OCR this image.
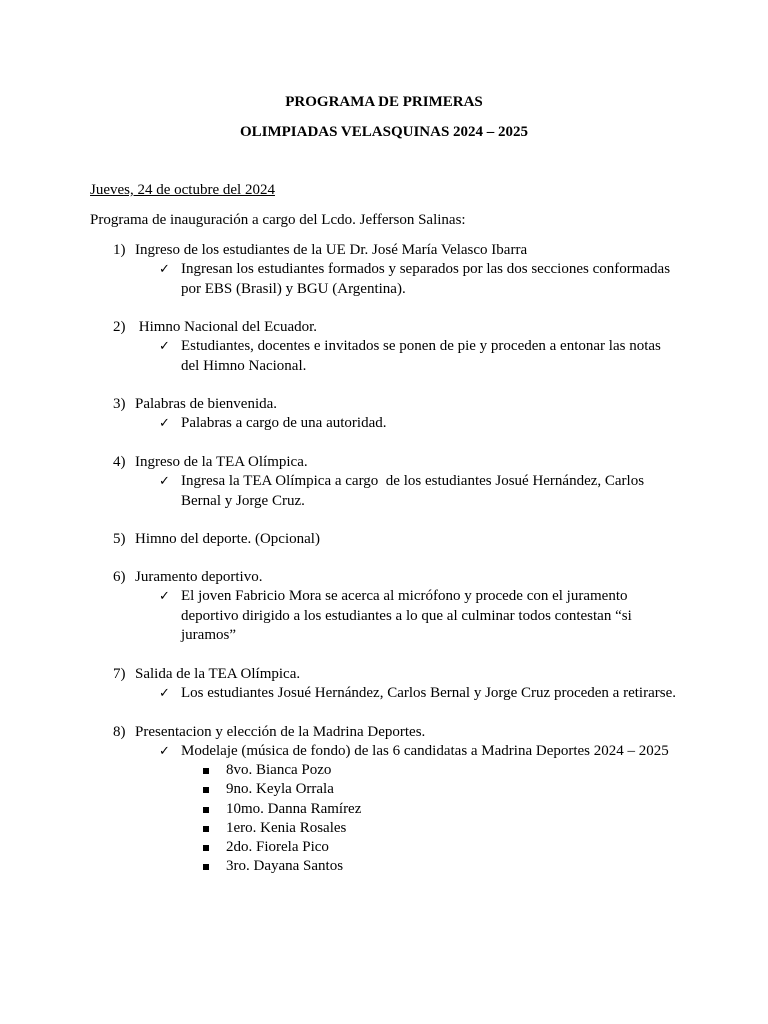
PROGRAMA DE PRIMERAS
OLIMPIADAS VELASQUINAS 2024 – 2025
Jueves, 24 de octubre del 2024
Programa de inauguración a cargo del Lcdo. Jefferson Salinas:
1) Ingreso de los estudiantes de la UE Dr. José María Velasco Ibarra
✓ Ingresan los estudiantes formados y separados por las dos secciones conformadas por EBS (Brasil) y BGU (Argentina).
2) Himno Nacional del Ecuador.
✓ Estudiantes, docentes e invitados se ponen de pie y proceden a entonar las notas del Himno Nacional.
3) Palabras de bienvenida.
✓ Palabras a cargo de una autoridad.
4) Ingreso de la TEA Olímpica.
✓ Ingresa la TEA Olímpica a cargo  de los estudiantes Josué Hernández, Carlos Bernal y Jorge Cruz.
5) Himno del deporte. (Opcional)
6) Juramento deportivo.
✓ El joven Fabricio Mora se acerca al micrófono y procede con el juramento deportivo dirigido a los estudiantes a lo que al culminar todos contestan “si juramos”
7) Salida de la TEA Olímpica.
✓ Los estudiantes Josué Hernández, Carlos Bernal y Jorge Cruz proceden a retirarse.
8) Presentacion y elección de la Madrina Deportes.
✓ Modelaje (música de fondo) de las 6 candidatas a Madrina Deportes 2024 – 2025
8vo. Bianca Pozo
9no. Keyla Orrala
10mo. Danna Ramírez
1ero. Kenia Rosales
2do. Fiorela Pico
3ro. Dayana Santos
